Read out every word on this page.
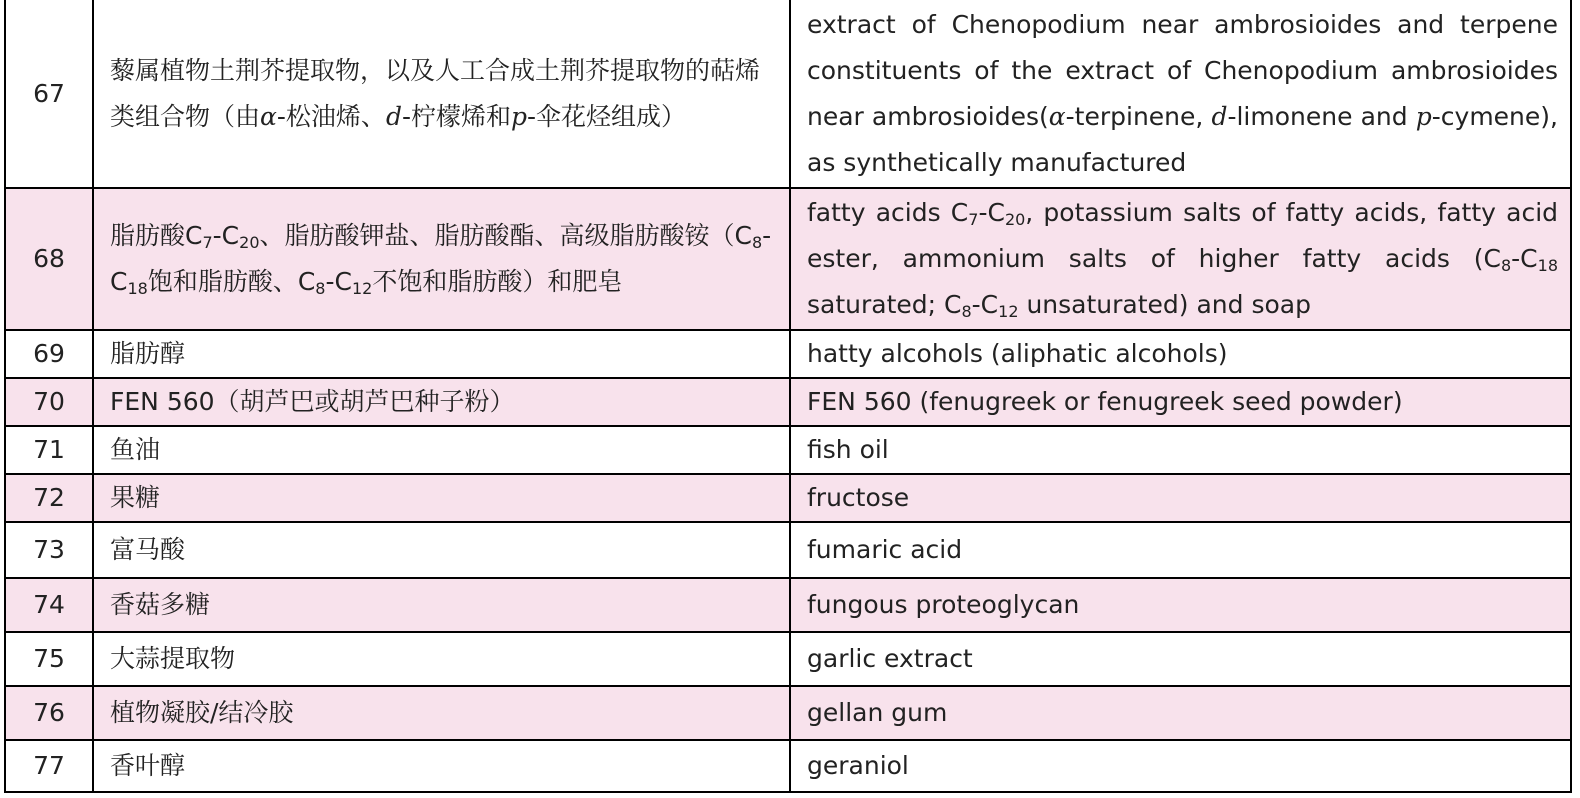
67	藜属植物土荆芥提取物，以及人工合成土荆芥提取物的萜烯类组合物（由α-松油烯、d-柠檬烯和p-伞花烃组成）	extract of Chenopodium near ambrosioides and terpene constituents of the extract of Chenopodium ambrosioides near ambrosioides(α-terpinene, d-limonene and p-cymene), as synthetically manufactured
68	脂肪酸$C_7-C_{20}$、脂肪酸钾盐、脂肪酸酯、高级脂肪酸铵（$C_8-C_{18}$饱和脂肪酸、$C_8-C_{12}$不饱和脂肪酸）和肥皂	fatty acids $C_7-C_{20}$, potassium salts of fatty acids, fatty acid ester, ammonium salts of higher fatty acids ($C_8-C_{18}$ saturated; $C_8-C_{12}$ unsaturated) and soap
69	脂肪醇	hatty alcohols (aliphatic alcohols)
70	FEN 560（胡芦巴或胡芦巴种子粉）	FEN 560 (fenugreek or fenugreek seed powder)
71	鱼油	fish oil
72	果糖	fructose
73	富马酸	fumaric acid
74	香菇多糖	fungous proteoglycan
75	大蒜提取物	garlic extract
76	植物凝胶/结冷胶	gellan gum
77	香叶醇	geraniol
